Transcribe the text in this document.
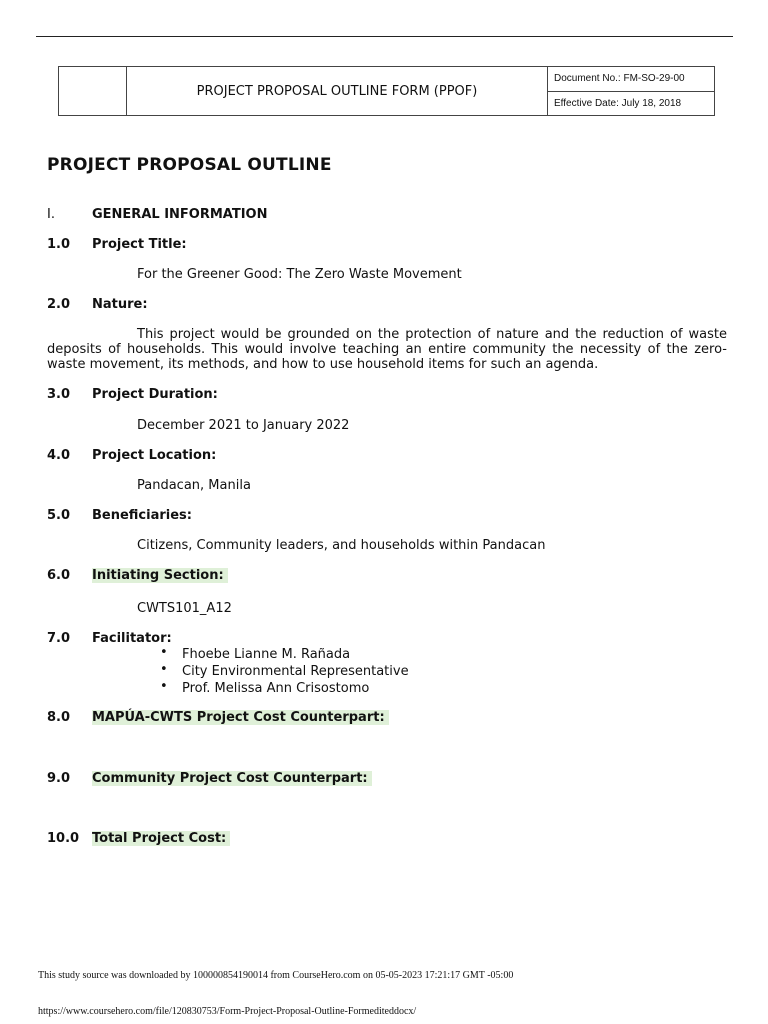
PROJECT PROPOSAL OUTLINE FORM (PPOF)
Document No.: FM-SO-29-00
Effective Date: July 18, 2018
PROJECT PROPOSAL OUTLINE
I.	GENERAL INFORMATION
1.0	Project Title:
For the Greener Good: The Zero Waste Movement
2.0	Nature:
This project would be grounded on the protection of nature and the reduction of waste deposits of households. This would involve teaching an entire community the necessity of the zero-waste movement, its methods, and how to use household items for such an agenda.
3.0	Project Duration:
December 2021 to January 2022
4.0	Project Location:
Pandacan, Manila
5.0	Beneficiaries:
Citizens, Community leaders, and households within Pandacan
6.0	Initiating Section:
CWTS101_A12
7.0	Facilitator:
• Fhoebe Lianne M. Rañada
• City Environmental Representative
• Prof. Melissa Ann Crisostomo
8.0	MAPÚA-CWTS Project Cost Counterpart:
9.0	Community Project Cost Counterpart:
10.0 Total Project Cost:
This study source was downloaded by 100000854190014 from CourseHero.com on 05-05-2023 17:21:17 GMT -05:00
https://www.coursehero.com/file/120830753/Form-Project-Proposal-Outline-Formediteddocx/
